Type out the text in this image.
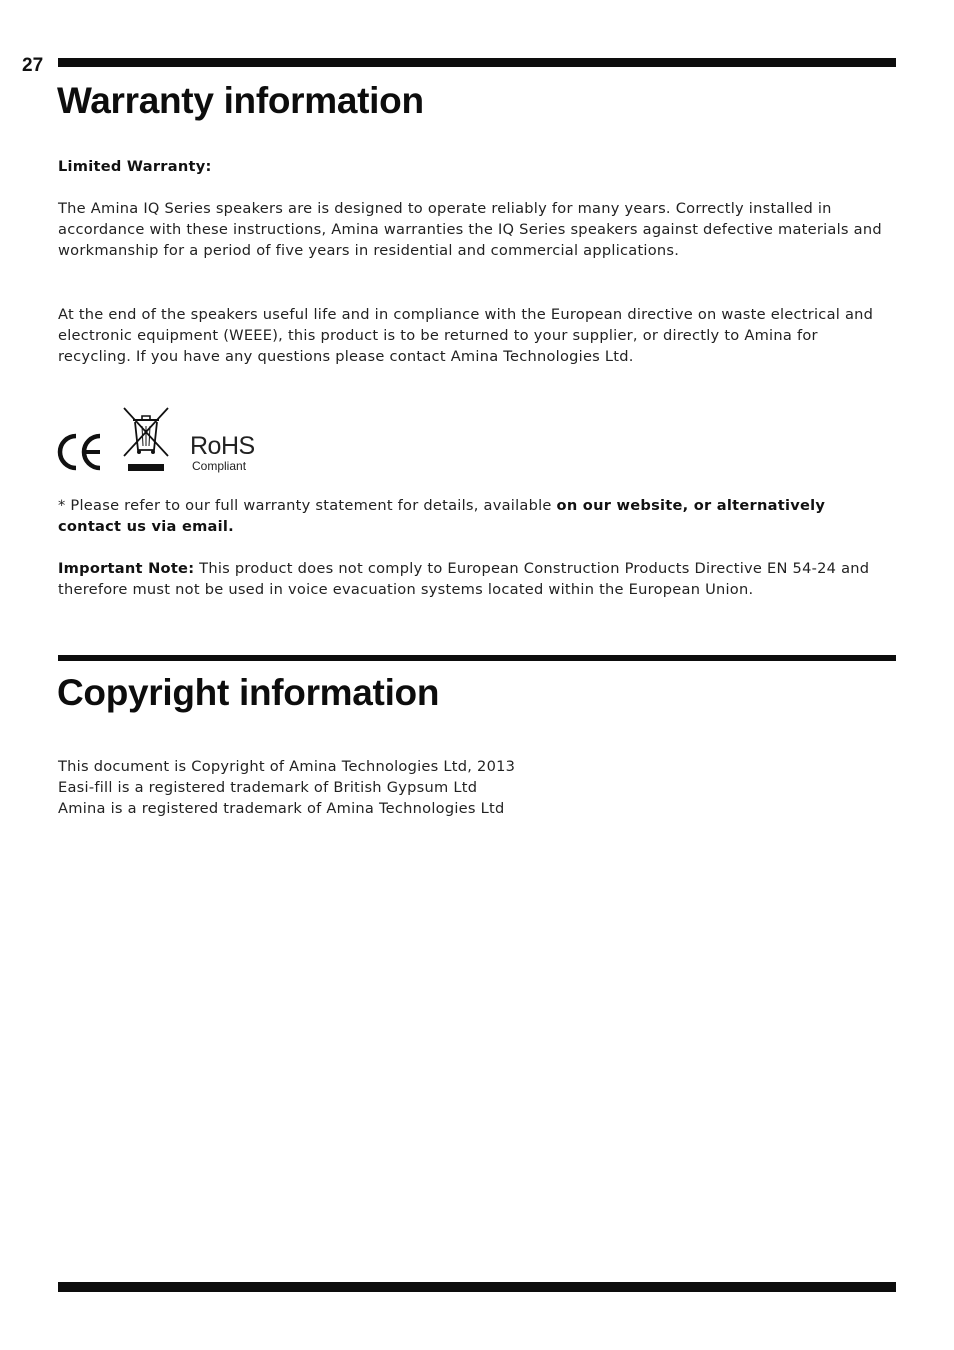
27
Warranty information

Limited Warranty:

The Amina IQ Series speakers are is designed to operate reliably for many years. Correctly installed in accordance with these instructions, Amina warranties the IQ Series speakers against defective materials and workmanship for a period of five years in residential and commercial applications.

At the end of the speakers useful life and in compliance with the European directive on waste electrical and electronic equipment (WEEE), this product is to be returned to your supplier, or directly to Amina for recycling. If you have any questions please contact Amina Technologies Ltd.

RoHS
Compliant

* Please refer to our full warranty statement for details, available on our website, or alternatively contact us via email.

Important Note: This product does not comply to European Construction Products Directive EN 54-24 and therefore must not be used in voice evacuation systems located within the European Union.

Copyright information

This document is Copyright of Amina Technologies Ltd, 2013

Easi-fill is a registered trademark of British Gypsum Ltd

Amina is a registered trademark of Amina Technologies Ltd
